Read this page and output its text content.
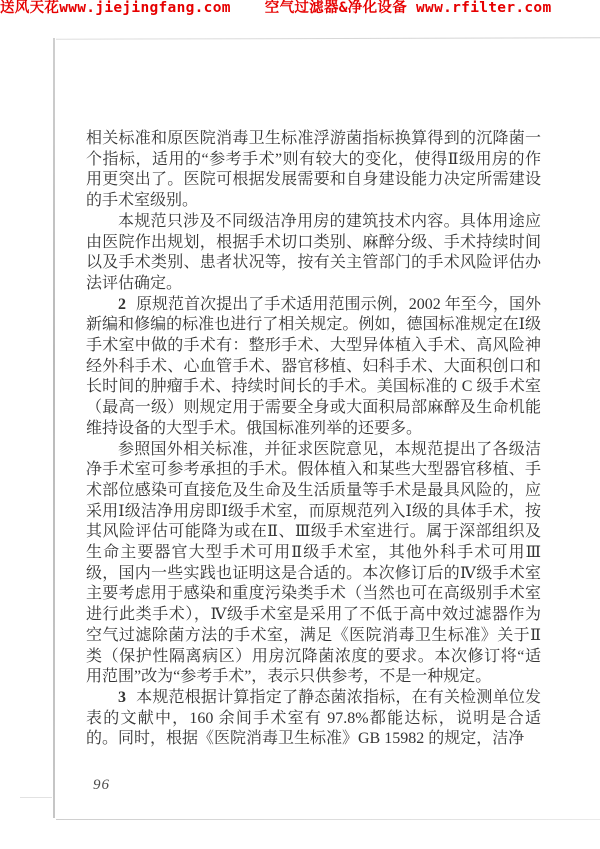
送风天花www.jiejingfang.com 空气过滤器&净化设备 www.rfilter.com

相关标准和原医院消毒卫生标准浮游菌指标换算得到的沉降菌一个指标，适用的“参考手术”则有较大的变化，使得Ⅱ级用房的作用更突出了。医院可根据发展需要和自身建设能力决定所需建设的手术室级别。

本规范只涉及不同级洁净用房的建筑技术内容。具体用途应由医院作出规划，根据手术切口类别、麻醉分级、手术持续时间以及手术类别、患者状况等，按有关主管部门的手术风险评估办法评估确定。

2 原规范首次提出了手术适用范围示例，2002 年至今，国外新编和修编的标准也进行了相关规定。例如，德国标准规定在Ⅰ级手术室中做的手术有：整形手术、大型异体植入手术、高风险神经外科手术、心血管手术、器官移植、妇科手术、大面积创口和长时间的肿瘤手术、持续时间长的手术。美国标准的 C 级手术室（最高一级）则规定用于需要全身或大面积局部麻醉及生命机能维持设备的大型手术。俄国标准列举的还要多。

参照国外相关标准，并征求医院意见，本规范提出了各级洁净手术室可参考承担的手术。假体植入和某些大型器官移植、手术部位感染可直接危及生命及生活质量等手术是最具风险的，应采用Ⅰ级洁净用房即Ⅰ级手术室，而原规范列入Ⅰ级的具体手术，按其风险评估可能降为或在Ⅱ、Ⅲ级手术室进行。属于深部组织及生命主要器官大型手术可用Ⅱ级手术室，其他外科手术可用Ⅲ级，国内一些实践也证明这是合适的。本次修订后的Ⅳ级手术室主要考虑用于感染和重度污染类手术（当然也可在高级别手术室进行此类手术），Ⅳ级手术室是采用了不低于高中效过滤器作为空气过滤除菌方法的手术室，满足《医院消毒卫生标准》关于Ⅱ类（保护性隔离病区）用房沉降菌浓度的要求。本次修订将“适用范围”改为“参考手术”，表示只供参考，不是一种规定。

3 本规范根据计算指定了静态菌浓指标，在有关检测单位发表的文献中，160 余间手术室有 97.8%都能达标，说明是合适的。同时，根据《医院消毒卫生标准》GB 15982 的规定，洁净

96
